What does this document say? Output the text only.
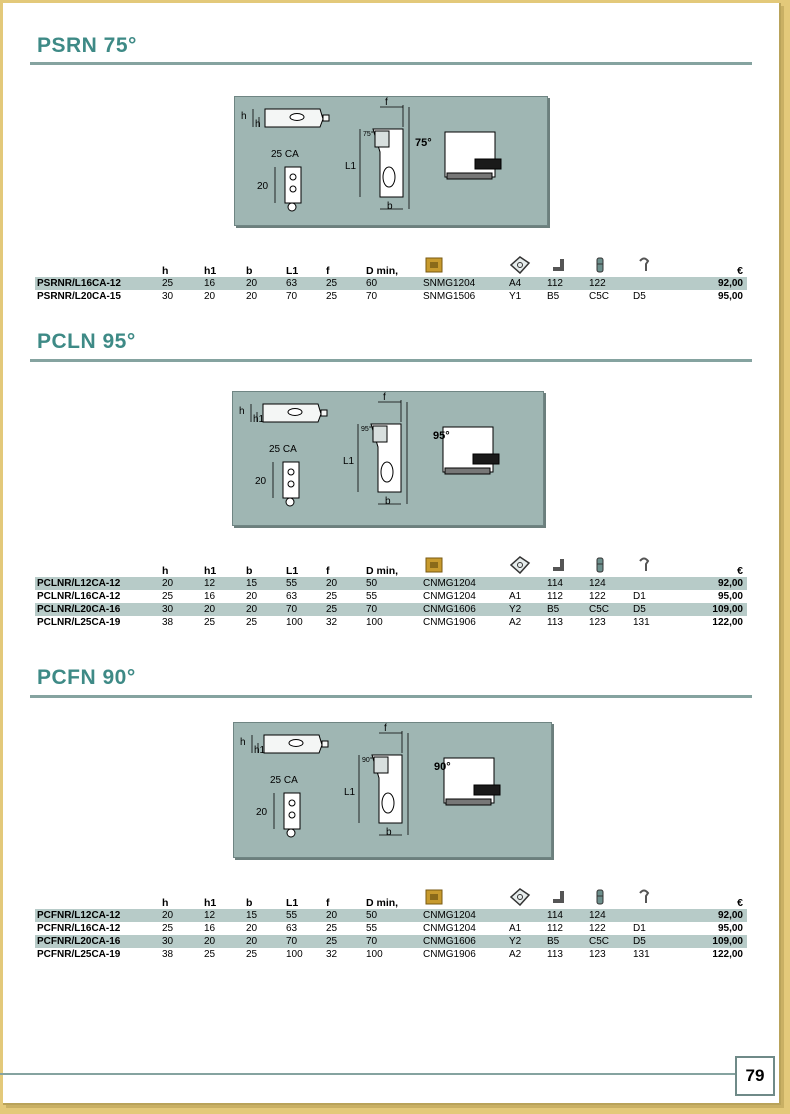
PSRN 75°
75°
25 CA
20
h
h
f
L1
b
75°
	h	h1	b	L1	f	D min,						€
PSRNR/L16CA-12	25	16	20	63	25	60	SNMG1204	A4	112	122		92,00
PSRNR/L20CA-15	30	20	20	70	25	70	SNMG1506	Y1	B5	C5C	D5	95,00
PCLN 95°
95°
25 CA
20
h
h1
f
L1
b
95°
	h	h1	b	L1	f	D min,						€
PCLNR/L12CA-12	20	12	15	55	20	50	CNMG1204		114	124		92,00
PCLNR/L16CA-12	25	16	20	63	25	55	CNMG1204	A1	112	122	D1	95,00
PCLNR/L20CA-16	30	20	20	70	25	70	CNMG1606	Y2	B5	C5C	D5	109,00
PCLNR/L25CA-19	38	25	25	100	32	100	CNMG1906	A2	113	123	131	122,00
PCFN 90°
90°
25 CA
20
h
h1
f
L1
b
90°
	h	h1	b	L1	f	D min,						€
PCFNR/L12CA-12	20	12	15	55	20	50	CNMG1204		114	124		92,00
PCFNR/L16CA-12	25	16	20	63	25	55	CNMG1204	A1	112	122	D1	95,00
PCFNR/L20CA-16	30	20	20	70	25	70	CNMG1606	Y2	B5	C5C	D5	109,00
PCFNR/L25CA-19	38	25	25	100	32	100	CNMG1906	A2	113	123	131	122,00
79
